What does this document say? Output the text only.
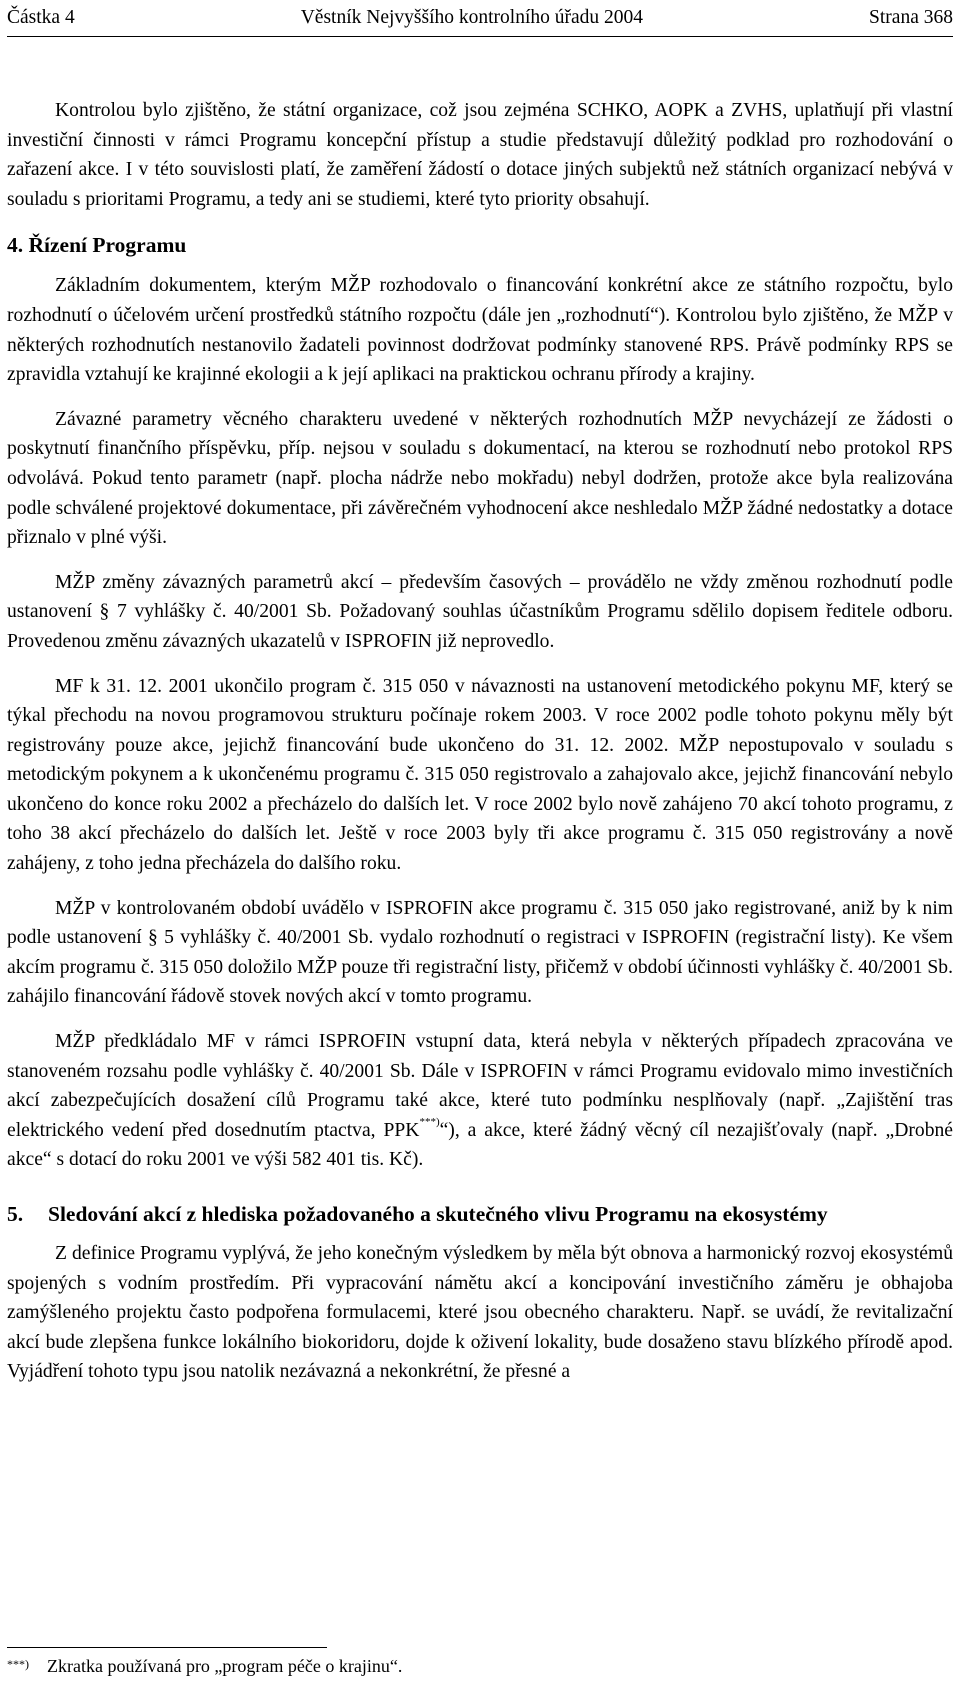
Částka 4	Věstník Nejvyššího kontrolního úřadu 2004	Strana 368

Kontrolou bylo zjištěno, že státní organizace, což jsou zejména SCHKO, AOPK a ZVHS, uplatňují při vlastní investiční činnosti v rámci Programu koncepční přístup a studie představují důležitý podklad pro rozhodování o zařazení akce. I v této souvislosti platí, že zaměření žádostí o dotace jiných subjektů než státních organizací nebývá v souladu s prioritami Programu, a tedy ani se studiemi, které tyto priority obsahují.

4. Řízení Programu

Základním dokumentem, kterým MŽP rozhodovalo o financování konkrétní akce ze státního rozpočtu, bylo rozhodnutí o účelovém určení prostředků státního rozpočtu (dále jen „rozhodnutí“). Kontrolou bylo zjištěno, že MŽP v některých rozhodnutích nestanovilo žadateli povinnost dodržovat podmínky stanovené RPS. Právě podmínky RPS se zpravidla vztahují ke krajinné ekologii a k její aplikaci na praktickou ochranu přírody a krajiny.

Závazné parametry věcného charakteru uvedené v některých rozhodnutích MŽP nevycházejí ze žádosti o poskytnutí finančního příspěvku, příp. nejsou v souladu s dokumentací, na kterou se rozhodnutí nebo protokol RPS odvolává. Pokud tento parametr (např. plocha nádrže nebo mokřadu) nebyl dodržen, protože akce byla realizována podle schválené projektové dokumentace, při závěrečném vyhodnocení akce neshledalo MŽP žádné nedostatky a dotace přiznalo v plné výši.

MŽP změny závazných parametrů akcí – především časových – provádělo ne vždy změnou rozhodnutí podle ustanovení § 7 vyhlášky č. 40/2001 Sb. Požadovaný souhlas účastníkům Programu sdělilo dopisem ředitele odboru. Provedenou změnu závazných ukazatelů v ISPROFIN již neprovedlo.

MF k 31. 12. 2001 ukončilo program č. 315 050 v návaznosti na ustanovení metodického pokynu MF, který se týkal přechodu na novou programovou strukturu počínaje rokem 2003. V roce 2002 podle tohoto pokynu měly být registrovány pouze akce, jejichž financování bude ukončeno do 31. 12. 2002. MŽP nepostupovalo v souladu s metodickým pokynem a k ukončenému programu č. 315 050 registrovalo a zahajovalo akce, jejichž financování nebylo ukončeno do konce roku 2002 a přecházelo do dalších let. V roce 2002 bylo nově zahájeno 70 akcí tohoto programu, z toho 38 akcí přecházelo do dalších let. Ještě v roce 2003 byly tři akce programu č. 315 050 registrovány a nově zahájeny, z toho jedna přecházela do dalšího roku.

MŽP v kontrolovaném období uvádělo v ISPROFIN akce programu č. 315 050 jako registrované, aniž by k nim podle ustanovení § 5 vyhlášky č. 40/2001 Sb. vydalo rozhodnutí o registraci v ISPROFIN (registrační listy). Ke všem akcím programu č. 315 050 doložilo MŽP pouze tři registrační listy, přičemž v období účinnosti vyhlášky č. 40/2001 Sb. zahájilo financování řádově stovek nových akcí v tomto programu.

MŽP předkládalo MF v rámci ISPROFIN vstupní data, která nebyla v některých případech zpracována ve stanoveném rozsahu podle vyhlášky č. 40/2001 Sb. Dále v ISPROFIN v rámci Programu evidovalo mimo investičních akcí zabezpečujících dosažení cílů Programu také akce, které tuto podmínku nesplňovaly (např. „Zajištění tras elektrického vedení před dosednutím ptactva, PPK***)“), a akce, které žádný věcný cíl nezajišťovaly (např. „Drobné akce“ s dotací do roku 2001 ve výši 582 401 tis. Kč).

5. Sledování akcí z hlediska požadovaného a skutečného vlivu Programu na ekosystémy

Z definice Programu vyplývá, že jeho konečným výsledkem by měla být obnova a harmonický rozvoj ekosystémů spojených s vodním prostředím. Při vypracování námětu akcí a koncipování investičního záměru je obhajoba zamýšleného projektu často podpořena formulacemi, které jsou obecného charakteru. Např. se uvádí, že revitalizační akcí bude zlepšena funkce lokálního biokoridoru, dojde k oživení lokality, bude dosaženo stavu blízkého přírodě apod. Vyjádření tohoto typu jsou natolik nezávazná a nekonkrétní, že přesné a

***) Zkratka používaná pro „program péče o krajinu“.
